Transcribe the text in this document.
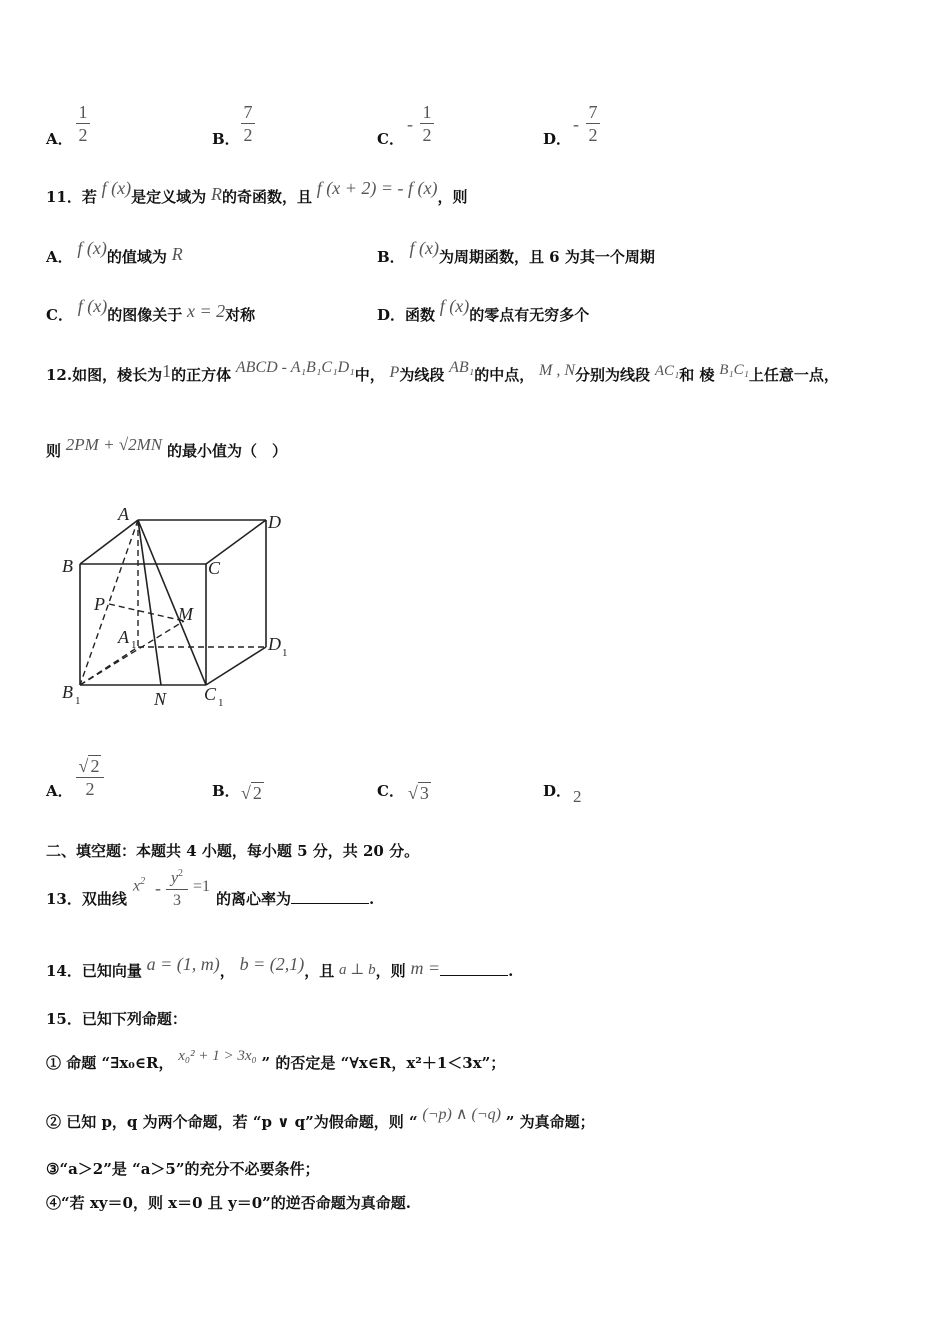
A．
1
2	B．
7
2	C．
-
1
2	D．
-
7
2
11．若 f (x)是定义域为 R的奇函数，且 f (x + 2) = - f (x)，则
A． f (x)的值域为 R	B． f (x)为周期函数，且 6 为其一个周期
C． f (x)的图像关于 x = 2对称	D．函数 f (x)的零点有无穷多个
12.如图，棱长为1的正方体 ABCD - A₁B₁C₁D₁中， P为线段 AB₁的中点， M , N分别为线段 AC₁和 棱 B₁C₁上任意一点，
则 2PM + √2MN 的最小值为（　）
A
B	C
D
P	M
N
A
B	C
D
1
1	1
1
A．
√ 2
2	B． √ 2	C． √ 3	D． 2
二、填空题：本题共 4 小题，每小题 5 分，共 20 分。
13．双曲线
$x^2$ -
$y^2$
3
=1
的离心率为	.
14．已知向量 a = (1, m)， b = (2,1)，且 a ⊥ b，则 m =	.
15．已知下列命题：
① 命题 “∃x₀∈R， x₀² + 1 > 3x₀ ” 的否定是 “∀x∈R，x²＋1＜3x”；
② 已知 p，q 为两个命题，若 “p ∨ q”为假命题，则 “ (¬p) ∧ (¬q) ” 为真命题；
③“a＞2”是 “a＞5”的充分不必要条件；
④“若 xy＝0，则 x＝0 且 y＝0”的逆否命题为真命题.
